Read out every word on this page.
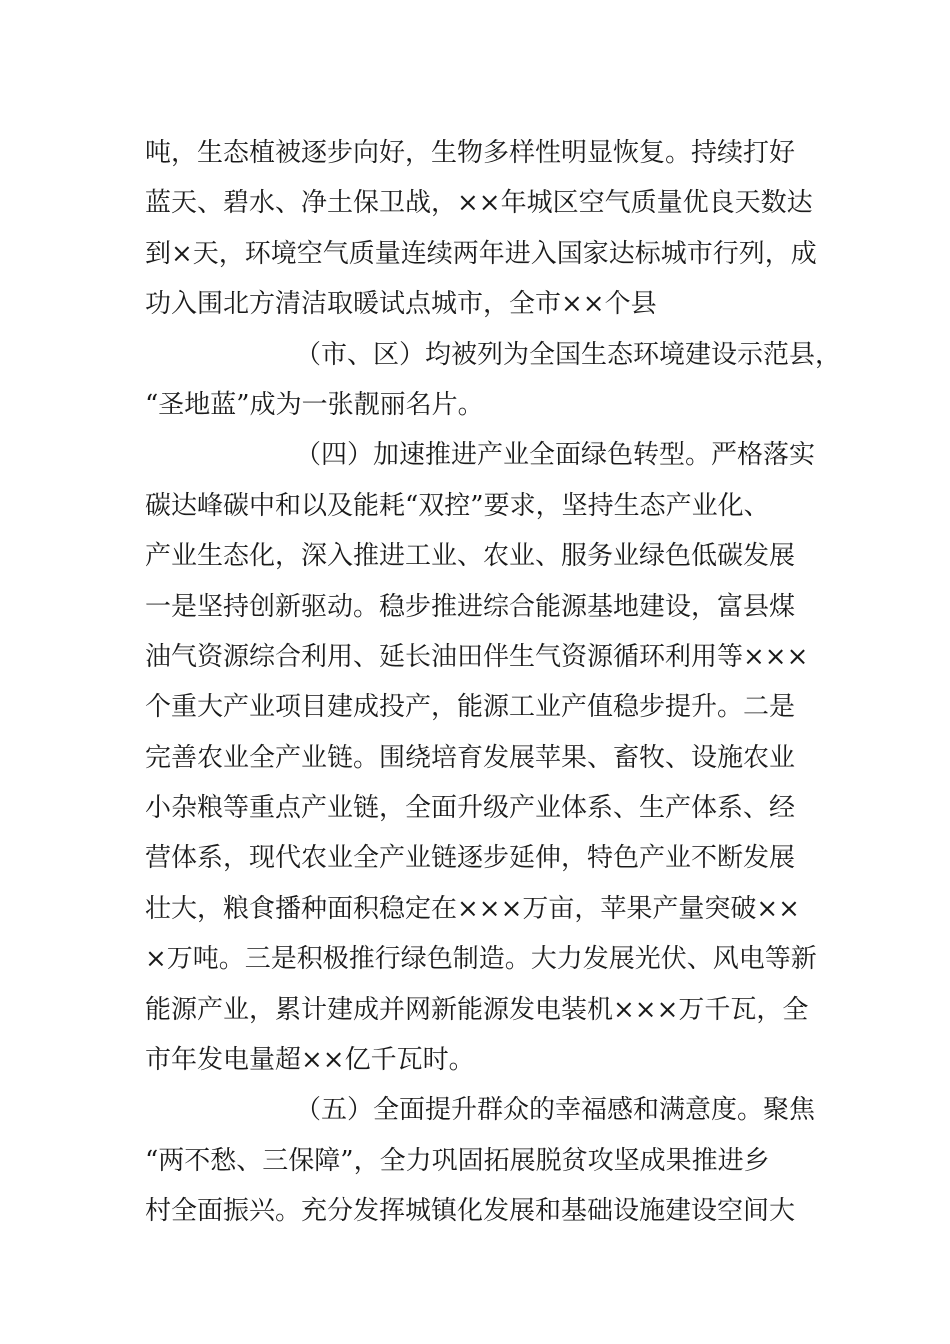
吨，生态植被逐步向好，生物多样性明显恢复。持续打好
蓝天、碧水、净土保卫战，××年城区空气质量优良天数达
到×天，环境空气质量连续两年进入国家达标城市行列，成
功入围北方清洁取暖试点城市，全市××个县
（市、区）均被列为全国生态环境建设示范县，
“圣地蓝”成为一张靓丽名片。
（四）加速推进产业全面绿色转型。严格落实
碳达峰碳中和以及能耗“双控”要求，坚持生态产业化、
产业生态化，深入推进工业、农业、服务业绿色低碳发展
一是坚持创新驱动。稳步推进综合能源基地建设，富县煤
油气资源综合利用、延长油田伴生气资源循环利用等×××
个重大产业项目建成投产，能源工业产值稳步提升。二是
完善农业全产业链。围绕培育发展苹果、畜牧、设施农业
小杂粮等重点产业链，全面升级产业体系、生产体系、经
营体系，现代农业全产业链逐步延伸，特色产业不断发展
壮大，粮食播种面积稳定在×××万亩，苹果产量突破××
×万吨。三是积极推行绿色制造。大力发展光伏、风电等新
能源产业，累计建成并网新能源发电装机×××万千瓦，全
市年发电量超××亿千瓦时。
（五）全面提升群众的幸福感和满意度。聚焦
“两不愁、三保障”，全力巩固拓展脱贫攻坚成果推进乡
村全面振兴。充分发挥城镇化发展和基础设施建设空间大
